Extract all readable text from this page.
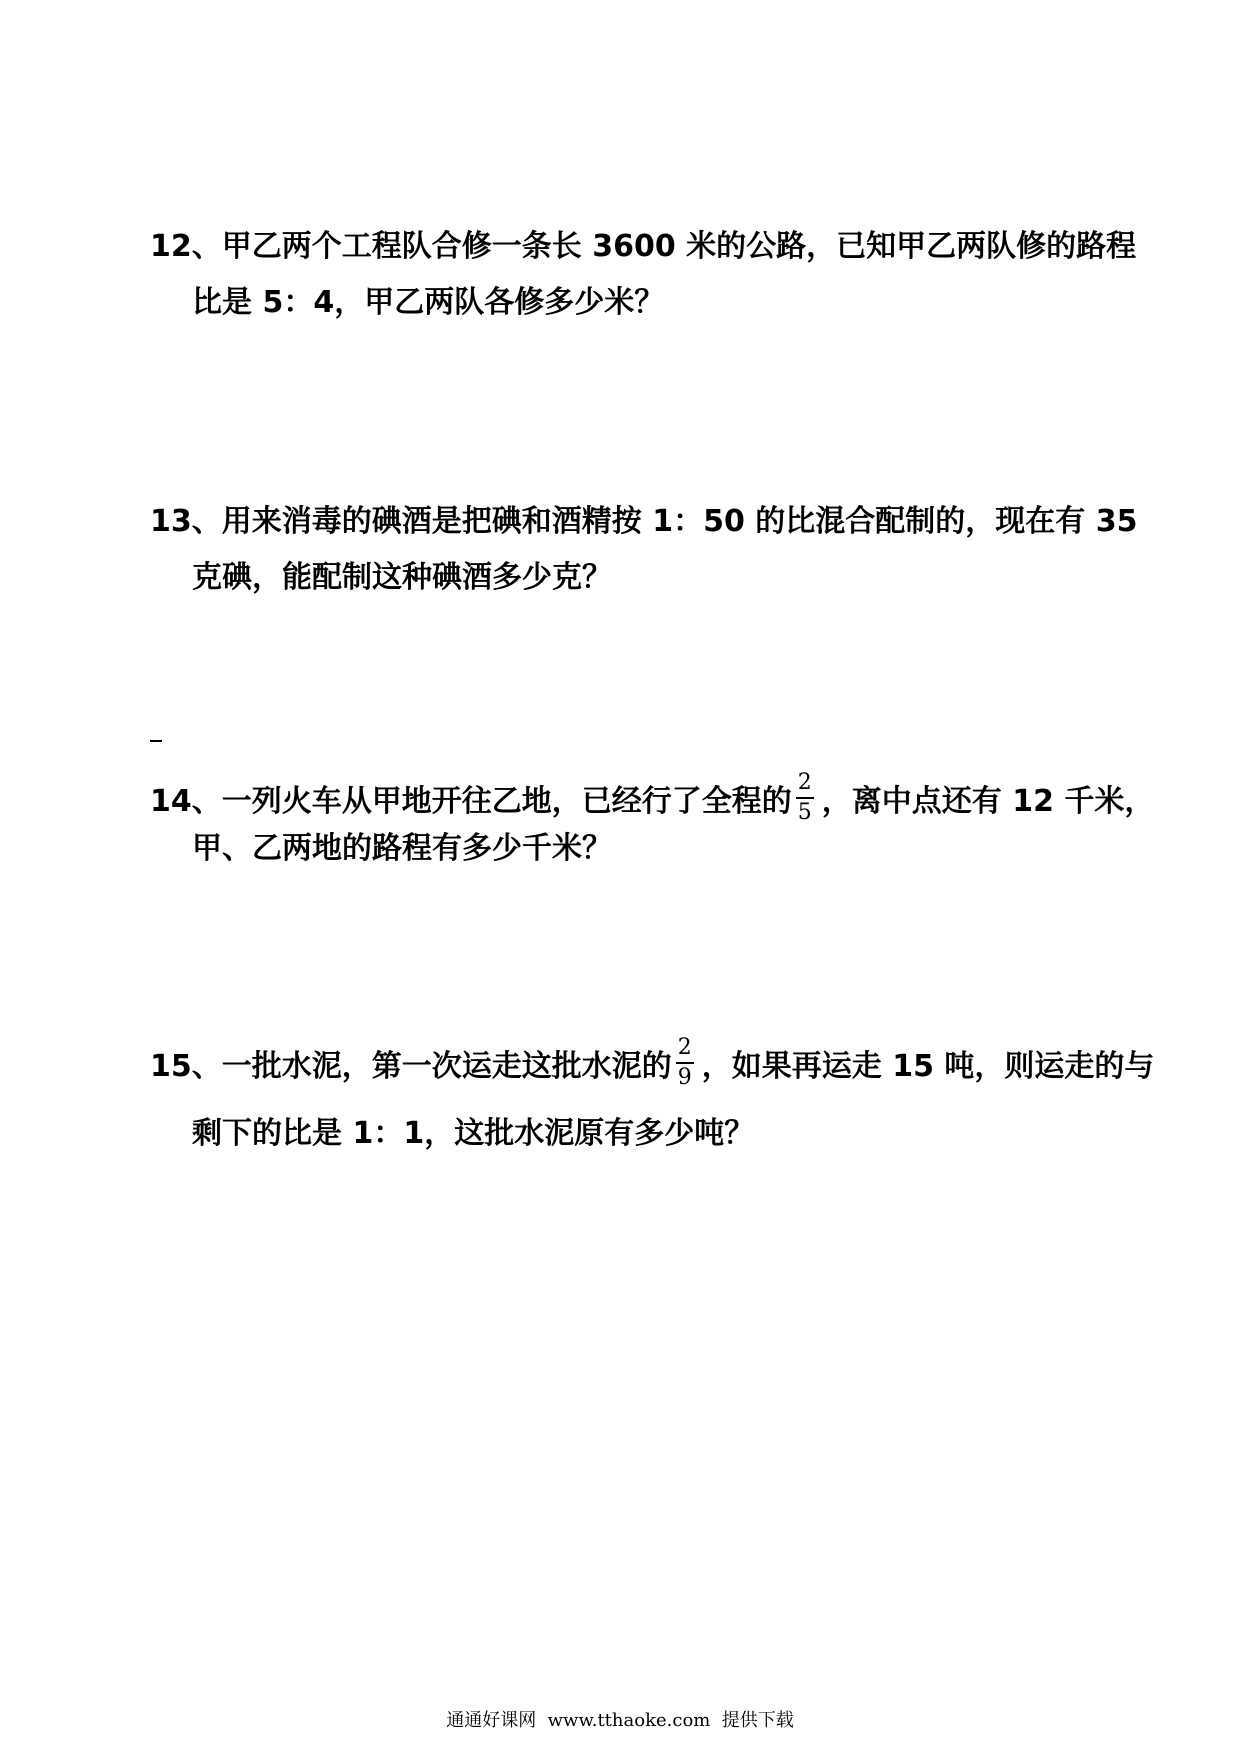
12、甲乙两个工程队合修一条长 3600 米的公路，已知甲乙两队修的路程
比是 5：4，甲乙两队各修多少米？
13、用来消毒的碘酒是把碘和酒精按 1：50 的比混合配制的，现在有 35
克碘，能配制这种碘酒多少克？
14、一列火车从甲地开往乙地，已经行了全程的 $\frac{2}{5}$ ，离中点还有 12 千米，
甲、乙两地的路程有多少千米？
15、一批水泥，第一次运走这批水泥的 $\frac{2}{9}$ ，如果再运走 15 吨，则运走的与
剩下的比是 1：1，这批水泥原有多少吨？
通通好课网  www.tthaoke.com  提供下载
